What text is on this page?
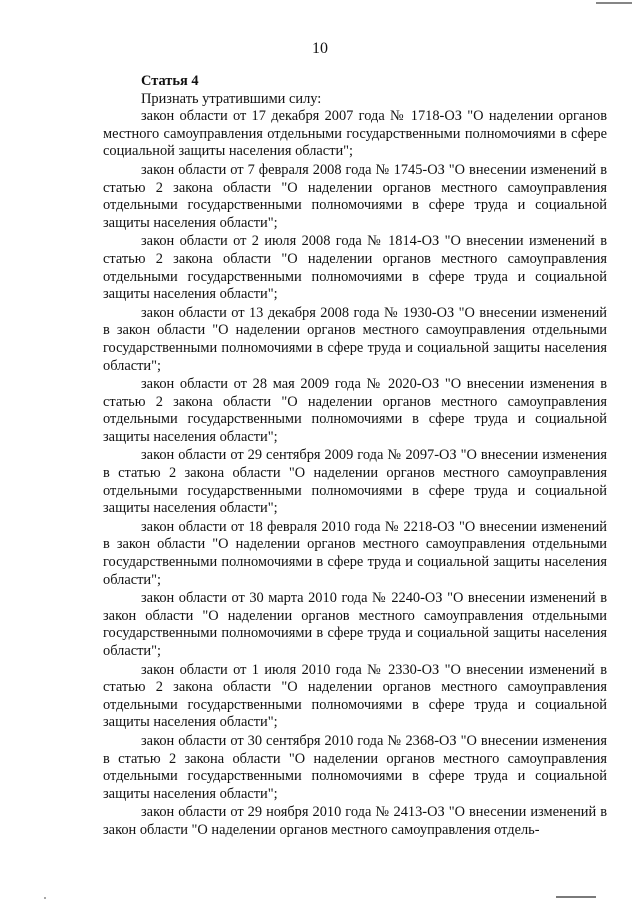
10

Статья 4

Признать утратившими силу:

закон области от 17 декабря 2007 года № 1718-ОЗ "О наделении органов местного самоуправления отдельными государственными полномочиями в сфере социальной защиты населения области";

закон области от 7 февраля 2008 года № 1745-ОЗ "О внесении изменений в статью 2 закона области "О наделении органов местного самоуправления отдельными государственными полномочиями в сфере труда и социальной защиты населения области";

закон области от 2 июля 2008 года № 1814-ОЗ "О внесении изменений в статью 2 закона области "О наделении органов местного самоуправления отдельными государственными полномочиями в сфере труда и социальной защиты населения области";

закон области от 13 декабря 2008 года № 1930-ОЗ "О внесении изменений в закон области "О наделении органов местного самоуправления отдельными государственными полномочиями в сфере труда и социальной защиты населения области";

закон области от 28 мая 2009 года № 2020-ОЗ "О внесении изменения в статью 2 закона области "О наделении органов местного самоуправления отдельными государственными полномочиями в сфере труда и социальной защиты населения области";

закон области от 29 сентября 2009 года № 2097-ОЗ "О внесении изменения в статью 2 закона области "О наделении органов местного самоуправления отдельными государственными полномочиями в сфере труда и социальной защиты населения области";

закон области от 18 февраля 2010 года № 2218-ОЗ "О внесении изменений в закон области "О наделении органов местного самоуправления отдельными государственными полномочиями в сфере труда и социальной защиты населения области";

закон области от 30 марта 2010 года № 2240-ОЗ "О внесении изменений в закон области "О наделении органов местного самоуправления отдельными государственными полномочиями в сфере труда и социальной защиты населения области";

закон области от 1 июля 2010 года № 2330-ОЗ "О внесении изменений в статью 2 закона области "О наделении органов местного самоуправления отдельными государственными полномочиями в сфере труда и социальной защиты населения области";

закон области от 30 сентября 2010 года № 2368-ОЗ "О внесении изменения в статью 2 закона области "О наделении органов местного самоуправления отдельными государственными полномочиями в сфере труда и социальной защиты населения области";

закон области от 29 ноября 2010 года № 2413-ОЗ "О внесении изменений в закон области "О наделении органов местного самоуправления отдель-
